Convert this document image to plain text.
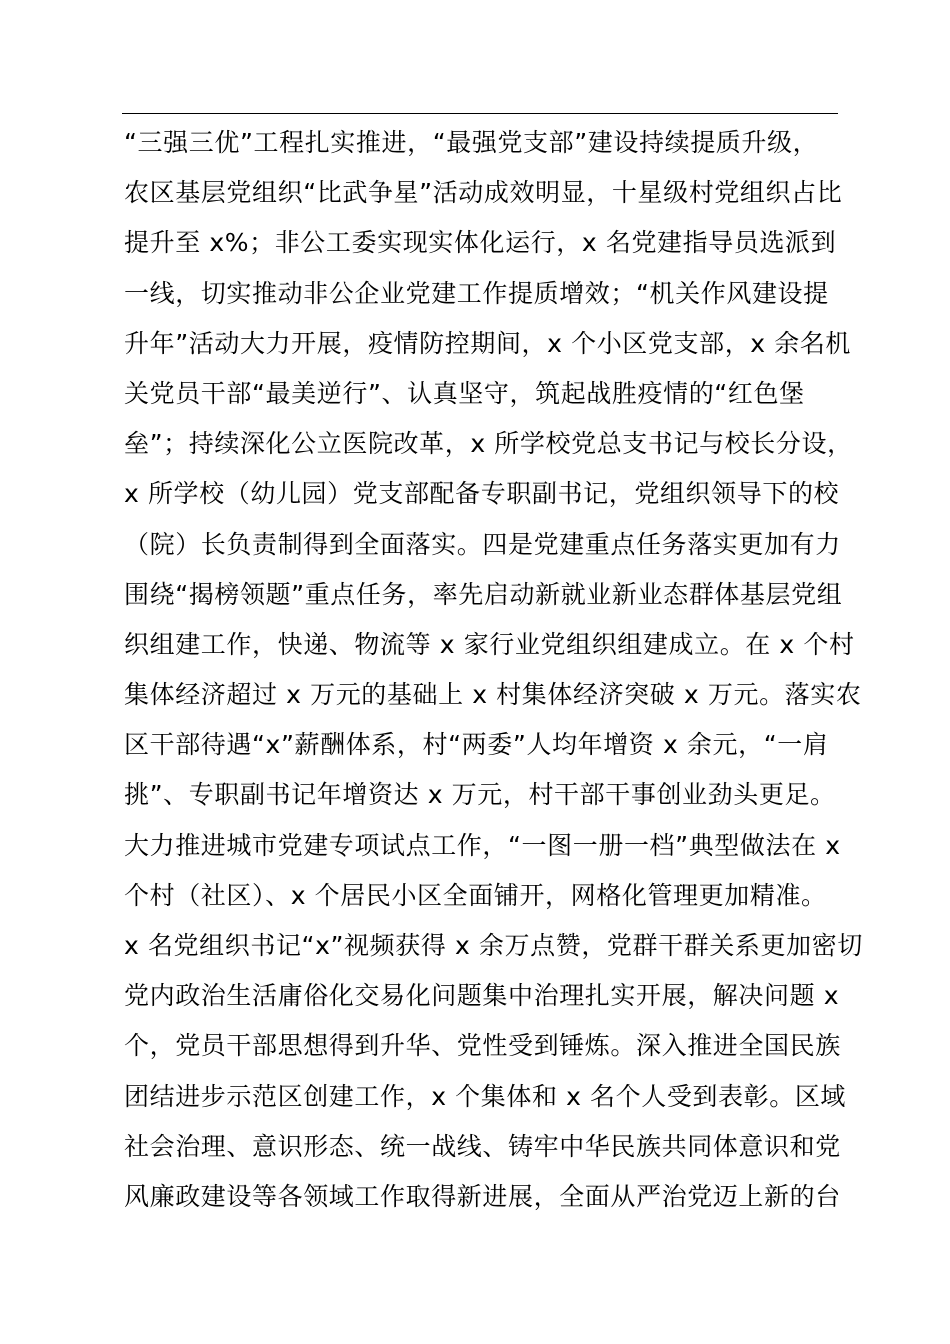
“三强三优”工程扎实推进，“最强党支部”建设持续提质升级，
农区基层党组织“比武争星”活动成效明显，十星级村党组织占比
提升至 x%；非公工委实现实体化运行，x 名党建指导员选派到
一线，切实推动非公企业党建工作提质增效；“机关作风建设提
升年”活动大力开展，疫情防控期间，x 个小区党支部，x 余名机
关党员干部“最美逆行”、认真坚守，筑起战胜疫情的“红色堡
垒”；持续深化公立医院改革，x 所学校党总支书记与校长分设，
x 所学校（幼儿园）党支部配备专职副书记，党组织领导下的校
（院）长负责制得到全面落实。四是党建重点任务落实更加有力
围绕“揭榜领题”重点任务，率先启动新就业新业态群体基层党组
织组建工作，快递、物流等 x 家行业党组织组建成立。在 x 个村
集体经济超过 x 万元的基础上 x 村集体经济突破 x 万元。落实农
区干部待遇“x”薪酬体系，村“两委”人均年增资 x 余元，“一肩
挑”、专职副书记年增资达 x 万元，村干部干事创业劲头更足。
大力推进城市党建专项试点工作，“一图一册一档”典型做法在 x
个村（社区）、x 个居民小区全面铺开，网格化管理更加精准。
x 名党组织书记“x”视频获得 x 余万点赞，党群干群关系更加密切
党内政治生活庸俗化交易化问题集中治理扎实开展，解决问题 x
个，党员干部思想得到升华、党性受到锤炼。深入推进全国民族
团结进步示范区创建工作，x 个集体和 x 名个人受到表彰。区域
社会治理、意识形态、统一战线、铸牢中华民族共同体意识和党
风廉政建设等各领域工作取得新进展，全面从严治党迈上新的台
